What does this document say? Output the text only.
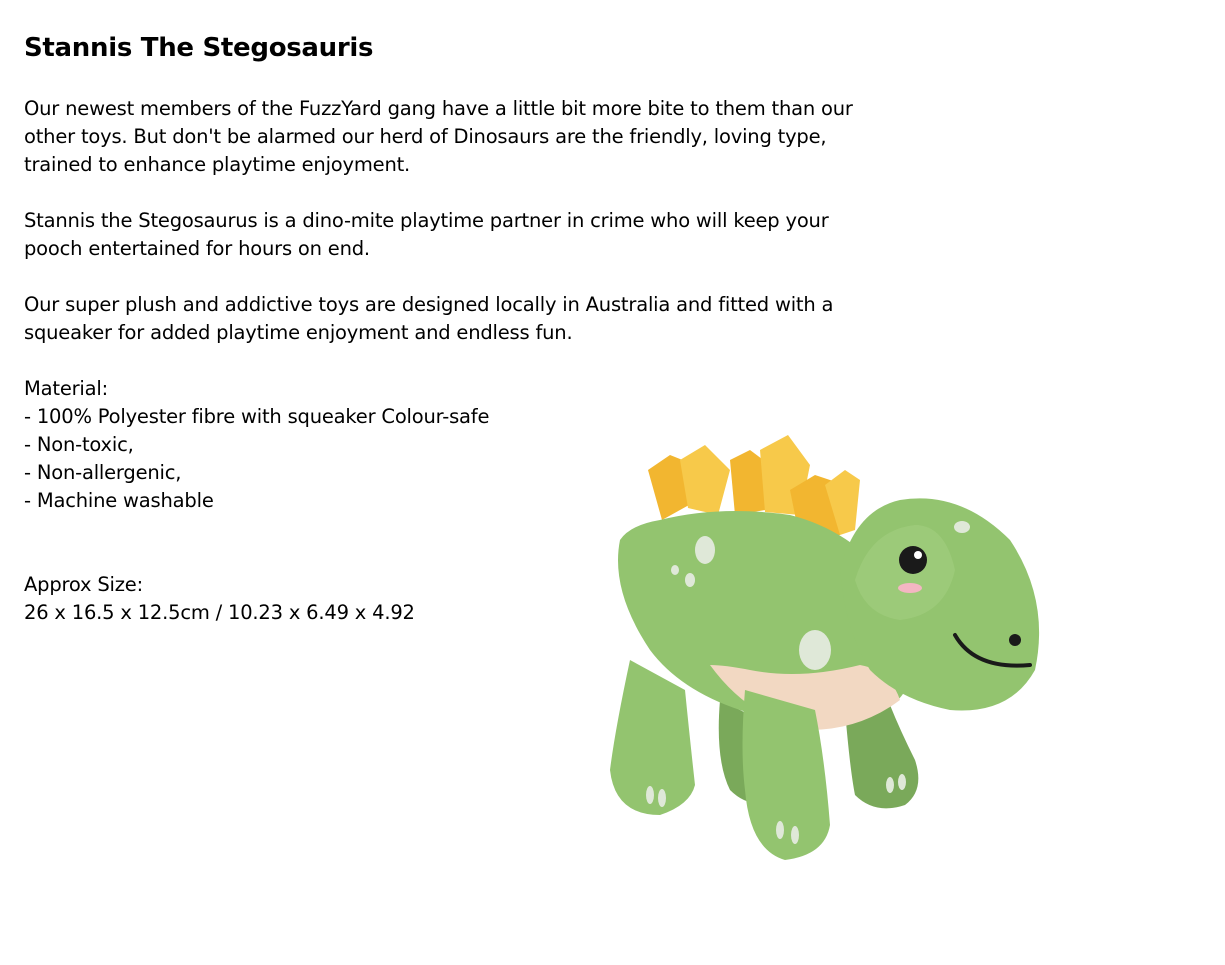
Stannis The Stegosauris

Our newest members of the FuzzYard gang have a little bit more bite to them than our other toys. But don't be alarmed our herd of Dinosaurs are the friendly, loving type, trained to enhance playtime enjoyment.

Stannis the Stegosaurus is a dino-mite playtime partner in crime who will keep your pooch entertained for hours on end.

Our super plush and addictive toys are designed locally in Australia and fitted with a squeaker for added playtime enjoyment and endless fun.

Material:

- 100% Polyester fibre with squeaker Colour-safe
- Non-toxic,
- Non-allergenic,
- Machine washable

Approx Size:

26 x 16.5 x 12.5cm / 10.23 x 6.49 x 4.92
